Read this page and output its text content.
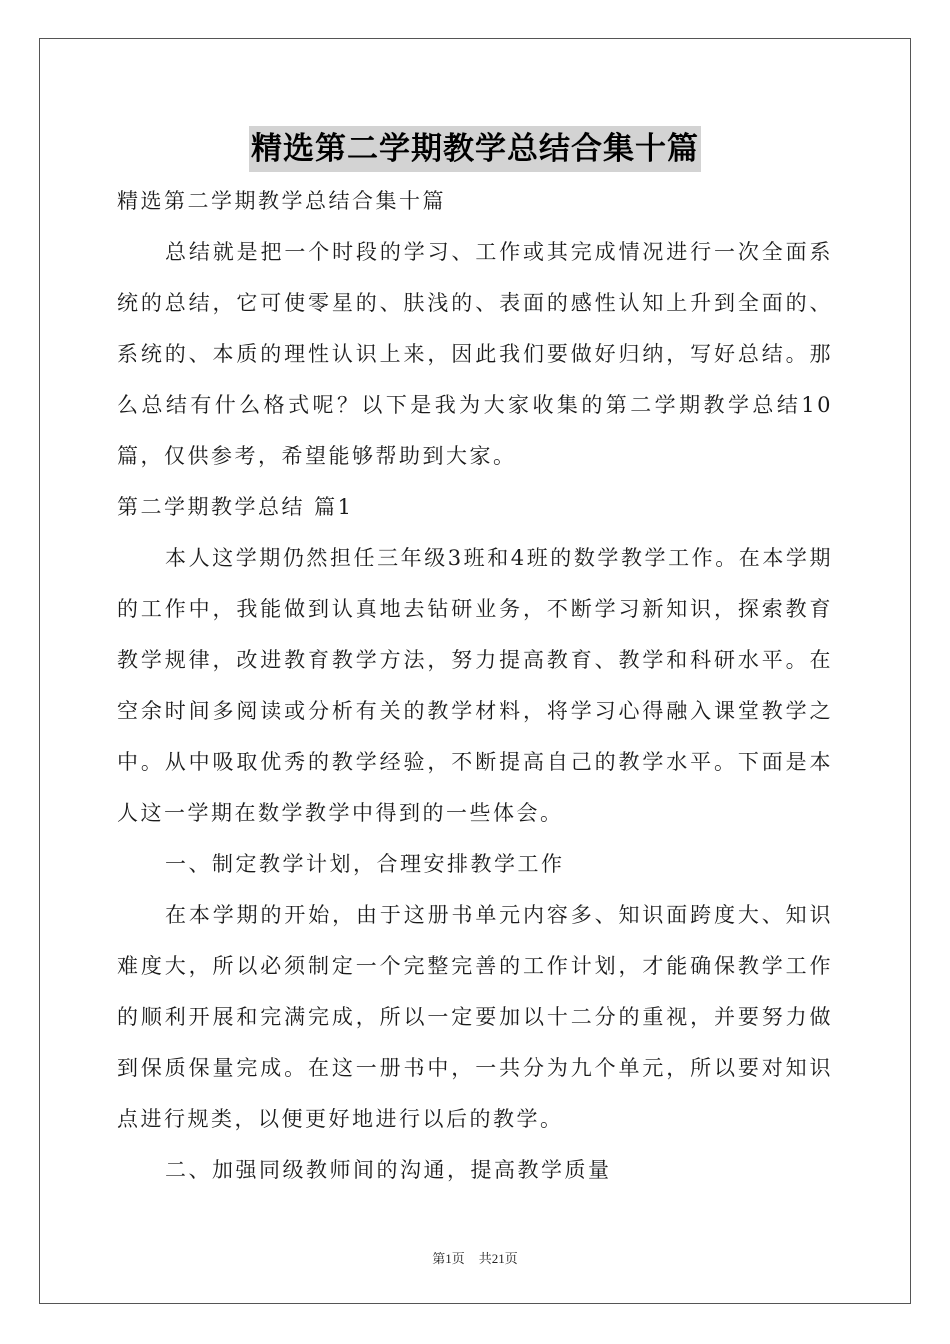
精选第二学期教学总结合集十篇

精选第二学期教学总结合集十篇

总结就是把一个时段的学习、工作或其完成情况进行一次全面系统的总结，它可使零星的、肤浅的、表面的感性认知上升到全面的、系统的、本质的理性认识上来，因此我们要做好归纳，写好总结。那么总结有什么格式呢？以下是我为大家收集的第二学期教学总结10篇，仅供参考，希望能够帮助到大家。

第二学期教学总结 篇1

本人这学期仍然担任三年级3班和4班的数学教学工作。在本学期的工作中，我能做到认真地去钻研业务，不断学习新知识，探索教育教学规律，改进教育教学方法，努力提高教育、教学和科研水平。在空余时间多阅读或分析有关的教学材料，将学习心得融入课堂教学之中。从中吸取优秀的教学经验，不断提高自己的教学水平。下面是本人这一学期在数学教学中得到的一些体会。

一、制定教学计划，合理安排教学工作

在本学期的开始，由于这册书单元内容多、知识面跨度大、知识难度大，所以必须制定一个完整完善的工作计划，才能确保教学工作的顺利开展和完满完成，所以一定要加以十二分的重视，并要努力做到保质保量完成。在这一册书中，一共分为九个单元，所以要对知识点进行规类，以便更好地进行以后的教学。

二、加强同级教师间的沟通，提高教学质量

第1页 共21页
